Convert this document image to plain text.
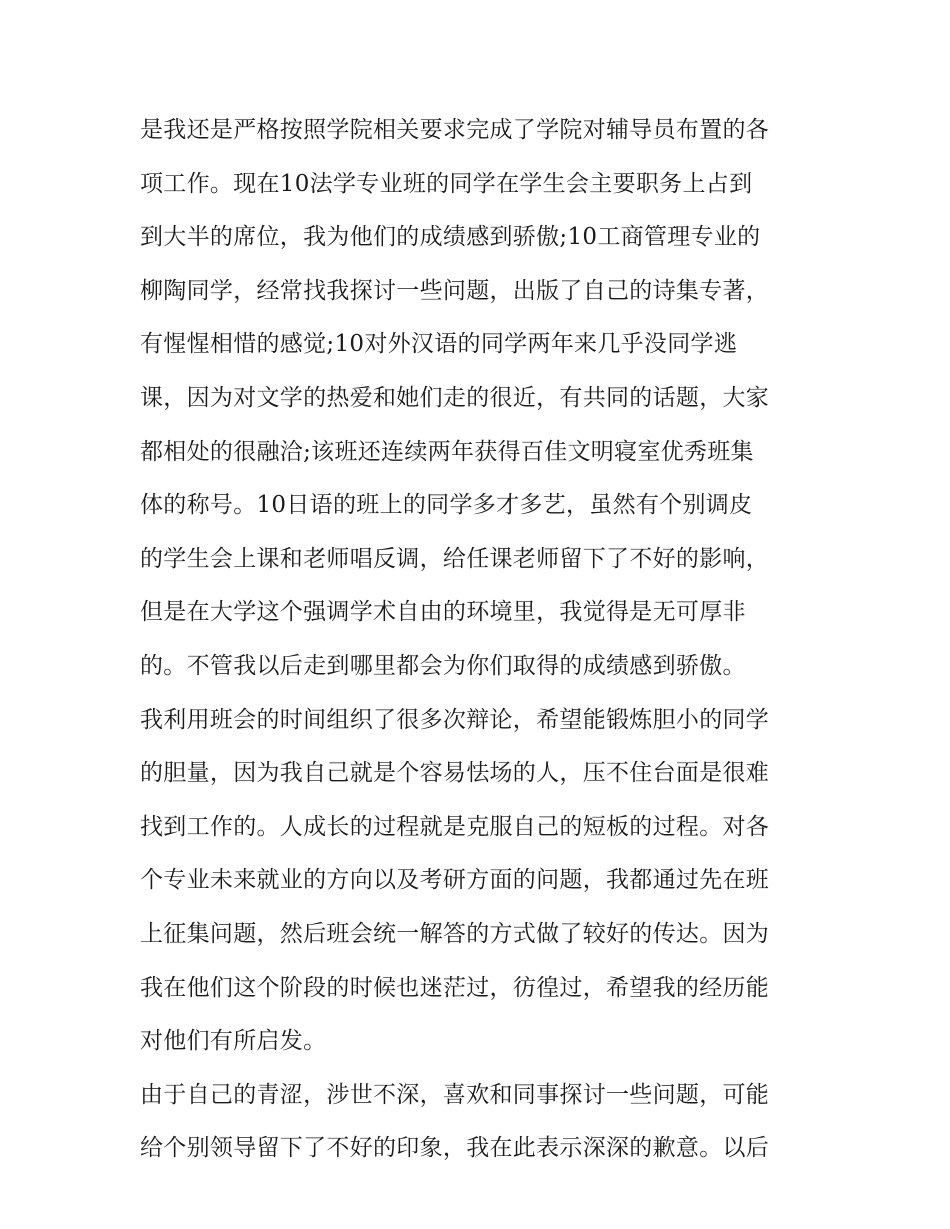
是我还是严格按照学院相关要求完成了学院对辅导员布置的各
项工作。现在10法学专业班的同学在学生会主要职务上占到
到大半的席位，我为他们的成绩感到骄傲;10工商管理专业的
柳陶同学，经常找我探讨一些问题，出版了自己的诗集专著，
有惺惺相惜的感觉;10对外汉语的同学两年来几乎没同学逃
课，因为对文学的热爱和她们走的很近，有共同的话题，大家
都相处的很融洽;该班还连续两年获得百佳文明寝室优秀班集
体的称号。10日语的班上的同学多才多艺，虽然有个别调皮
的学生会上课和老师唱反调，给任课老师留下了不好的影响，
但是在大学这个强调学术自由的环境里，我觉得是无可厚非
的。不管我以后走到哪里都会为你们取得的成绩感到骄傲。
我利用班会的时间组织了很多次辩论，希望能锻炼胆小的同学
的胆量，因为我自己就是个容易怯场的人，压不住台面是很难
找到工作的。人成长的过程就是克服自己的短板的过程。对各
个专业未来就业的方向以及考研方面的问题，我都通过先在班
上征集问题，然后班会统一解答的方式做了较好的传达。因为
我在他们这个阶段的时候也迷茫过，彷徨过，希望我的经历能
对他们有所启发。
由于自己的青涩，涉世不深，喜欢和同事探讨一些问题，可能
给个别领导留下了不好的印象，我在此表示深深的歉意。以后
